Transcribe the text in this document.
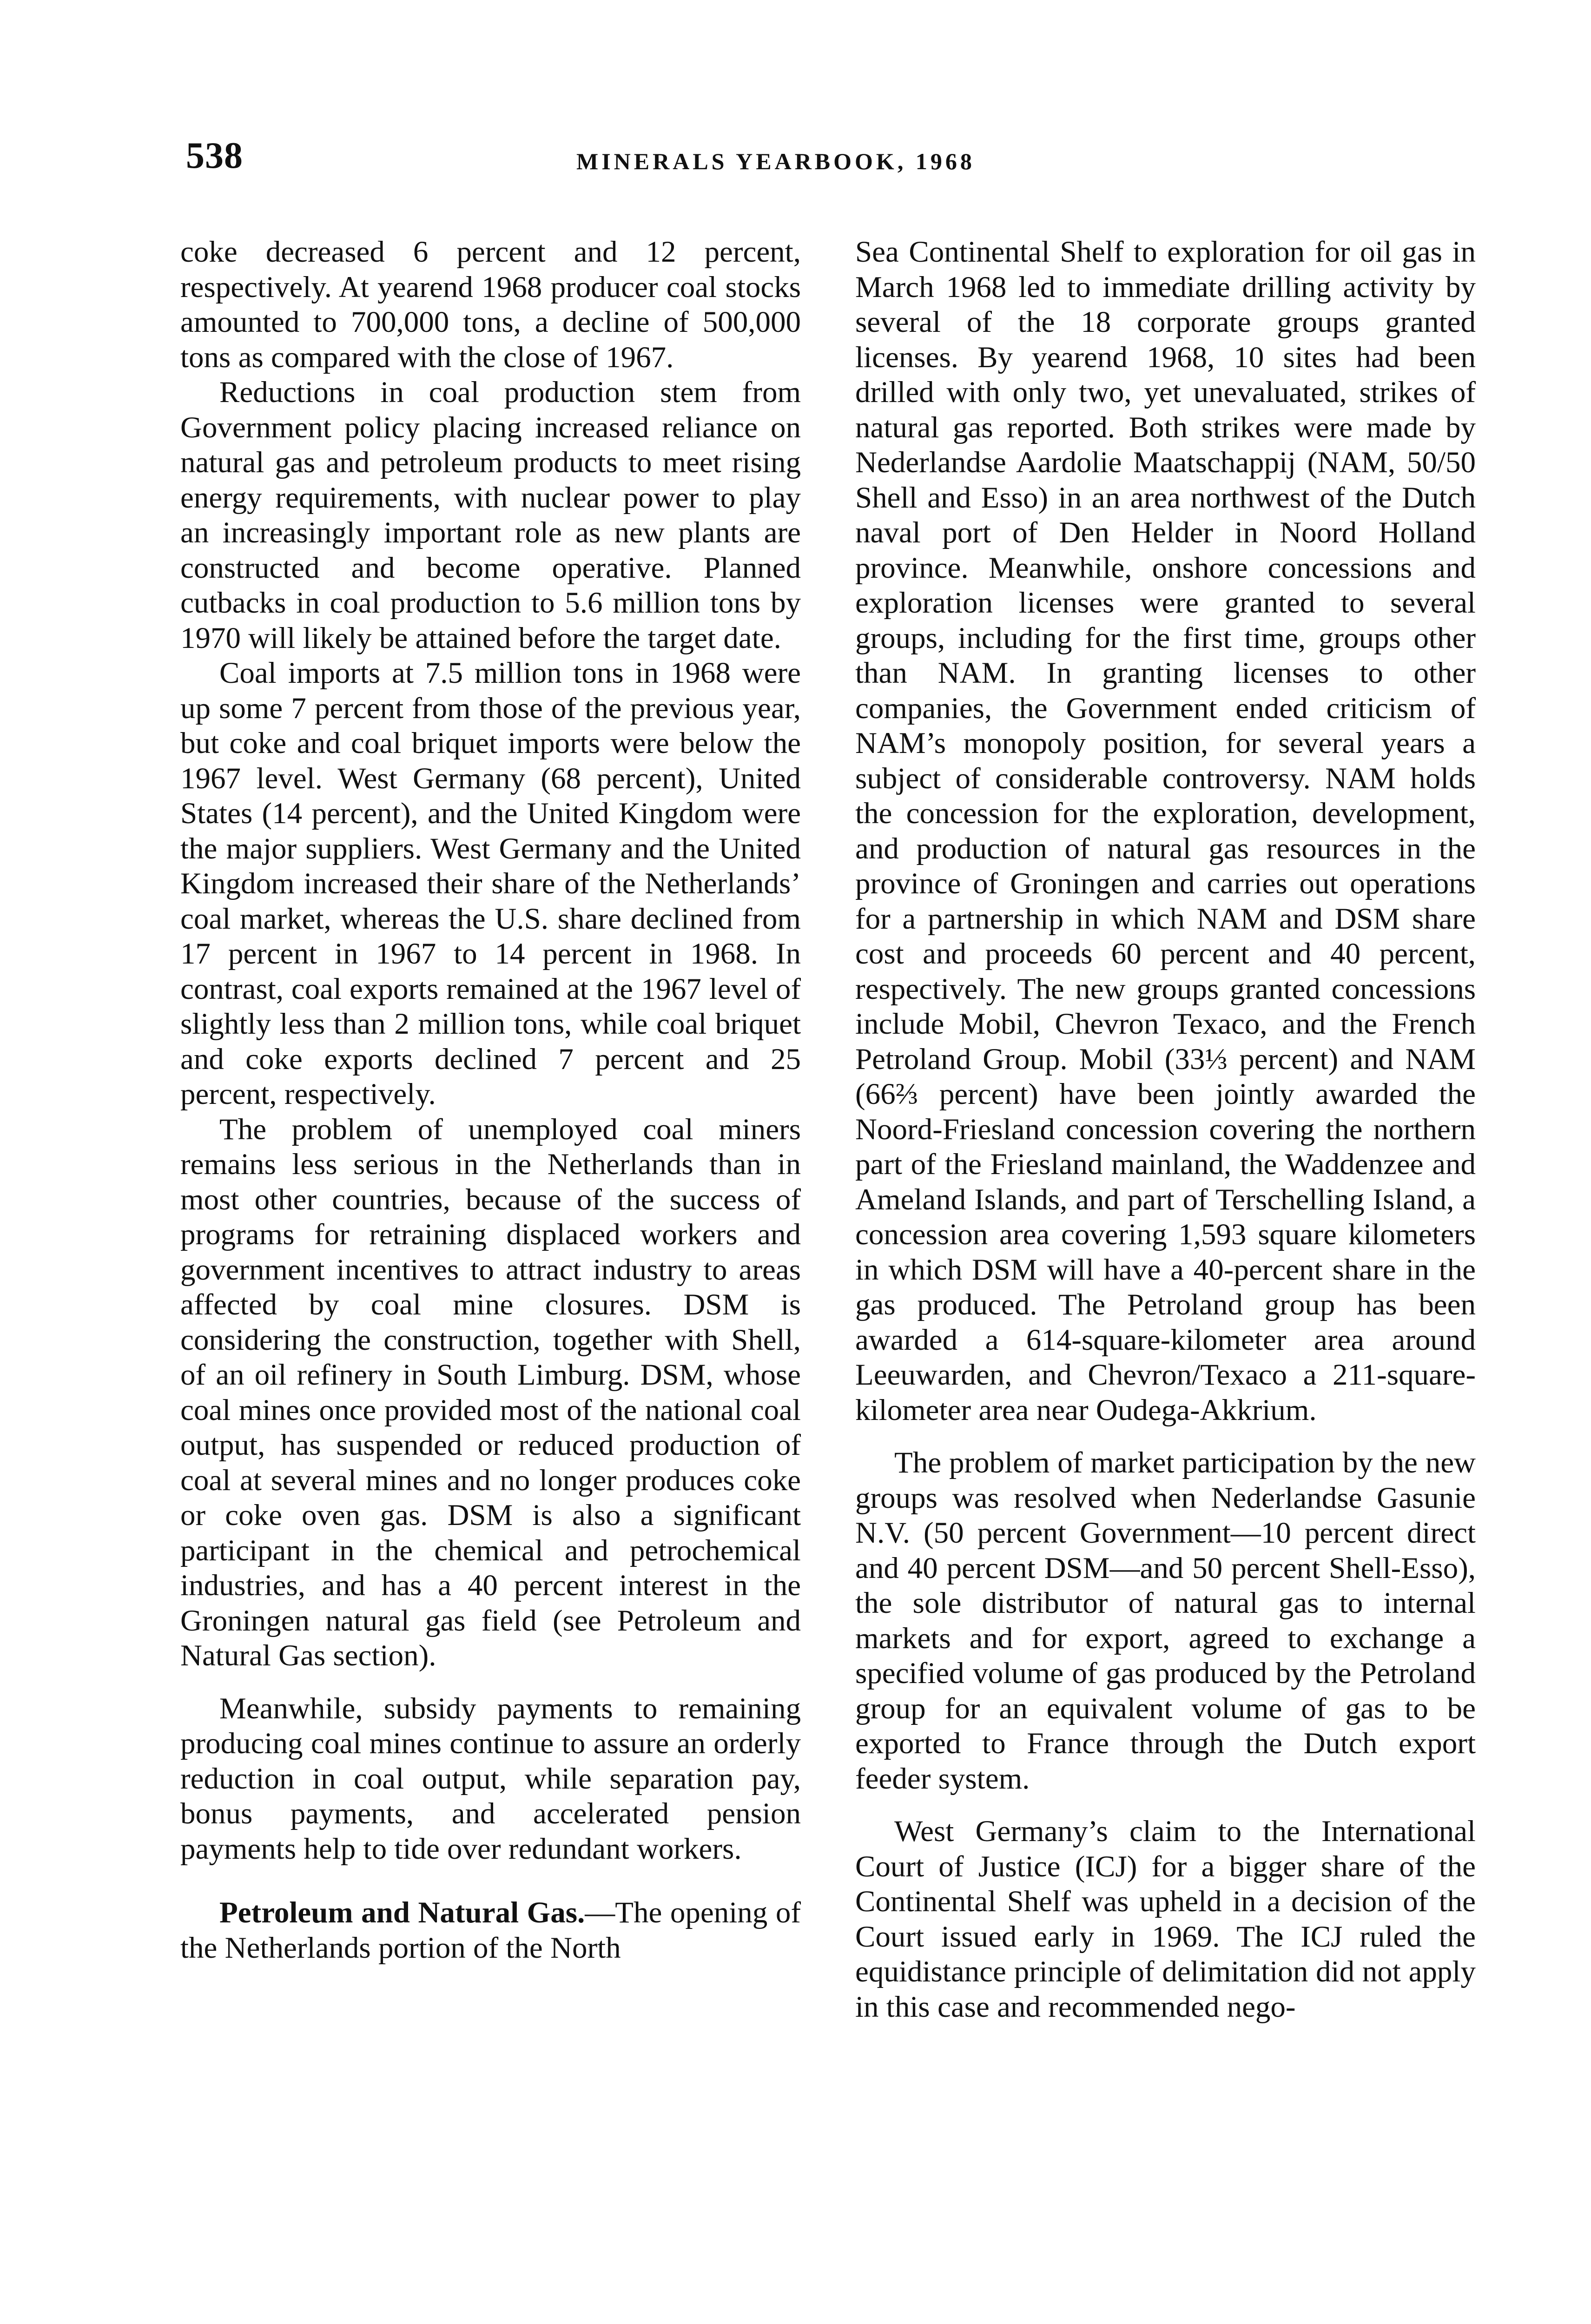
538	MINERALS YEARBOOK, 1968

coke decreased 6 percent and 12 percent, respectively. At yearend 1968 producer coal stocks amounted to 700,000 tons, a decline of 500,000 tons as compared with the close of 1967.

Reductions in coal production stem from Government policy placing increased reliance on natural gas and petroleum products to meet rising energy requirements, with nuclear power to play an increasingly important role as new plants are constructed and become operative. Planned cutbacks in coal production to 5.6 million tons by 1970 will likely be attained before the target date.

Coal imports at 7.5 million tons in 1968 were up some 7 percent from those of the previous year, but coke and coal briquet imports were below the 1967 level. West Germany (68 percent), United States (14 percent), and the United Kingdom were the major suppliers. West Germany and the United Kingdom increased their share of the Netherlands’ coal market, whereas the U.S. share declined from 17 percent in 1967 to 14 percent in 1968. In contrast, coal exports remained at the 1967 level of slightly less than 2 million tons, while coal briquet and coke exports declined 7 percent and 25 percent, respectively.

The problem of unemployed coal miners remains less serious in the Netherlands than in most other countries, because of the success of programs for retraining displaced workers and government incentives to attract industry to areas affected by coal mine closures. DSM is considering the construction, together with Shell, of an oil refinery in South Limburg. DSM, whose coal mines once provided most of the national coal output, has suspended or reduced production of coal at several mines and no longer produces coke or coke oven gas. DSM is also a significant participant in the chemical and petrochemical industries, and has a 40 percent interest in the Groningen natural gas field (see Petroleum and Natural Gas section).

Meanwhile, subsidy payments to remaining producing coal mines continue to assure an orderly reduction in coal output, while separation pay, bonus payments, and accelerated pension payments help to tide over redundant workers.

Petroleum and Natural Gas.—The opening of the Netherlands portion of the North

Sea Continental Shelf to exploration for oil gas in March 1968 led to immediate drilling activity by several of the 18 corporate groups granted licenses. By yearend 1968, 10 sites had been drilled with only two, yet unevaluated, strikes of natural gas reported. Both strikes were made by Nederlandse Aardolie Maatschappij (NAM, 50/50 Shell and Esso) in an area northwest of the Dutch naval port of Den Helder in Noord Holland province. Meanwhile, onshore concessions and exploration licenses were granted to several groups, including for the first time, groups other than NAM. In granting licenses to other companies, the Government ended criticism of NAM’s monopoly position, for several years a subject of considerable controversy. NAM holds the concession for the exploration, development, and production of natural gas resources in the province of Groningen and carries out operations for a partnership in which NAM and DSM share cost and proceeds 60 percent and 40 percent, respectively. The new groups granted concessions include Mobil, Chevron Texaco, and the French Petroland Group. Mobil (33⅓ percent) and NAM (66⅔ percent) have been jointly awarded the Noord-Friesland concession covering the northern part of the Friesland mainland, the Waddenzee and Ameland Islands, and part of Terschelling Island, a concession area covering 1,593 square kilometers in which DSM will have a 40-percent share in the gas produced. The Petroland group has been awarded a 614-square-kilometer area around Leeuwarden, and Chevron/Texaco a 211-square-kilometer area near Oudega-Akkrium.

The problem of market participation by the new groups was resolved when Nederlandse Gasunie N.V. (50 percent Government—10 percent direct and 40 percent DSM—and 50 percent Shell-Esso), the sole distributor of natural gas to internal markets and for export, agreed to exchange a specified volume of gas produced by the Petroland group for an equivalent volume of gas to be exported to France through the Dutch export feeder system.

West Germany’s claim to the International Court of Justice (ICJ) for a bigger share of the Continental Shelf was upheld in a decision of the Court issued early in 1969. The ICJ ruled the equidistance principle of delimitation did not apply in this case and recommended nego-
